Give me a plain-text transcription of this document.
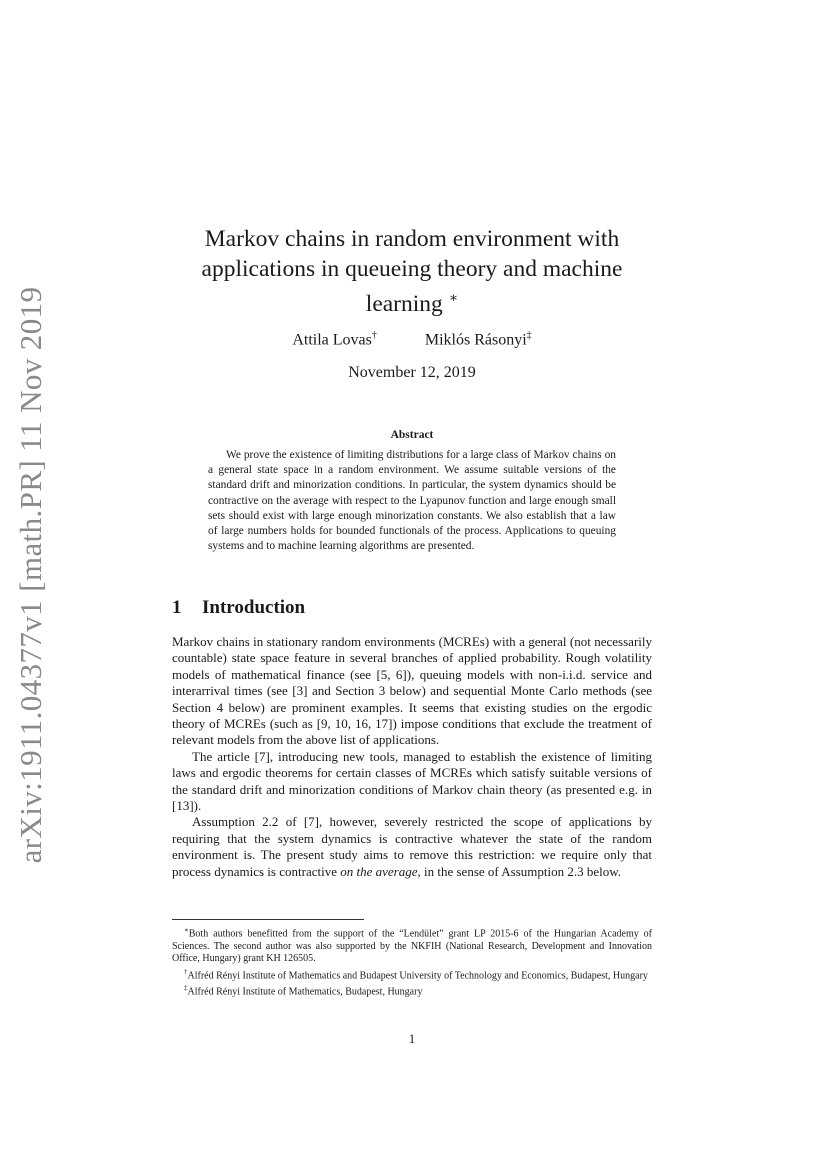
arXiv:1911.04377v1 [math.PR] 11 Nov 2019
Markov chains in random environment with applications in queueing theory and machine learning ∗
Attila Lovas†	Miklós Rásonyi‡
November 12, 2019
Abstract

We prove the existence of limiting distributions for a large class of Markov chains on a general state space in a random environment. We assume suitable versions of the standard drift and minorization conditions. In particular, the system dynamics should be contractive on the average with respect to the Lyapunov function and large enough small sets should exist with large enough minorization constants. We also establish that a law of large numbers holds for bounded functionals of the process. Applications to queuing systems and to machine learning algorithms are presented.

1 Introduction

Markov chains in stationary random environments (MCREs) with a general (not necessarily countable) state space feature in several branches of applied probability. Rough volatility models of mathematical finance (see [5, 6]), queuing models with non-i.i.d. service and interarrival times (see [3] and Section 3 below) and sequential Monte Carlo methods (see Section 4 below) are prominent examples. It seems that existing studies on the ergodic theory of MCREs (such as [9, 10, 16, 17]) impose conditions that exclude the treatment of relevant models from the above list of applications.

The article [7], introducing new tools, managed to establish the existence of limiting laws and ergodic theorems for certain classes of MCREs which satisfy suitable versions of the standard drift and minorization conditions of Markov chain theory (as presented e.g. in [13]).

Assumption 2.2 of [7], however, severely restricted the scope of applications by requiring that the system dynamics is contractive whatever the state of the random environment is. The present study aims to remove this restriction: we require only that process dynamics is contractive on the average, in the sense of Assumption 2.3 below.

∗Both authors benefitted from the support of the “Lendület” grant LP 2015-6 of the Hungarian Academy of Sciences. The second author was also supported by the NKFIH (National Research, Development and Innovation Office, Hungary) grant KH 126505.

†Alfréd Rényi Institute of Mathematics and Budapest University of Technology and Economics, Budapest, Hungary

‡Alfréd Rényi Institute of Mathematics, Budapest, Hungary

1
